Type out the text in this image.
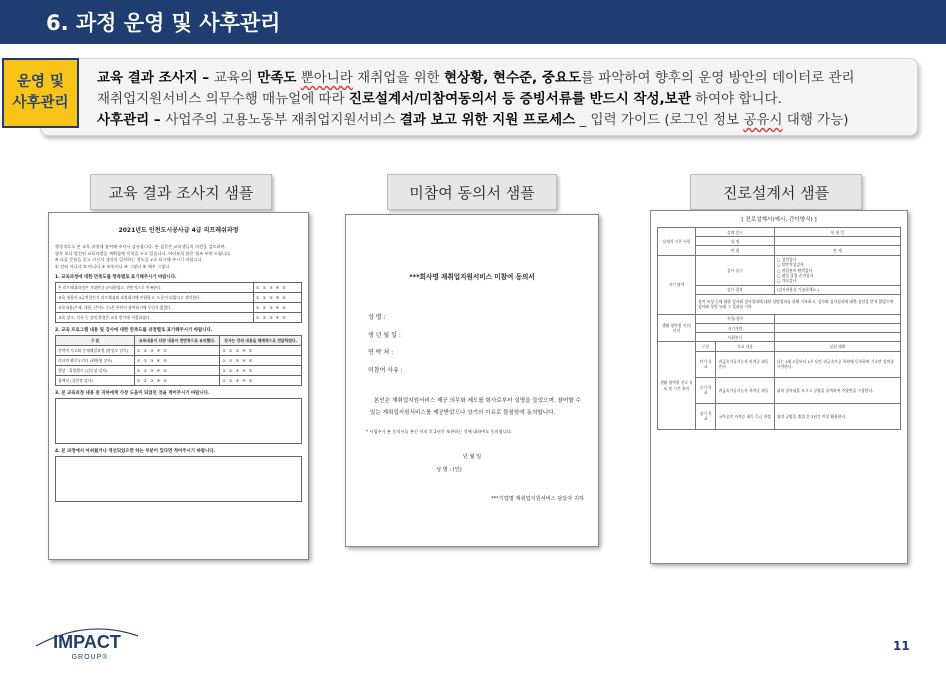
6. 과정 운영 및 사후관리
교육 결과 조사지 – 교육의 만족도 뿐아니라 재취업을 위한 현상황, 현수준, 중요도를 파악하여 향후의 운영 방안의 데이터로 관리
재취업지원서비스 의무수행 매뉴얼에 따라 진로설계서/미참여동의서 등 증빙서류를 반드시 작성,보관 하여야 합니다.
사후관리 – 사업주의 고용노동부 재취업지원서비스 결과 보고 위한 지원 프로세스 _ 입력 가이드 (로그인 정보 공유시 대행 가능)
운영 및
사후관리
교육 결과 조사지 샘플	미참여 동의서 샘플	진로설계서 샘플
2021년도 인천도시공사급 4급 리프레쉬과정
행정적으로 본 교육 과정에 참여해 주셔서 감사합니다. 본 설문은 교육생들의 의견을 검토하여,
향후 보다 발전된 교육과정을 계획함에 목적을 두고 있습니다. 여러분의 많은 협조 부탁 드립니다.
※ 다음 문항을 읽고 자신의 생각과 일치하는 정도를 ∨로 표시해 주시기 바랍니다.
① 전혀 아니다 ② 아니다 ③ 보통이다 ④ 그렇다 ⑤ 매우 그렇다
1. 교육과정에 대한 만족도를 항목별로 표기해주시기 바랍니다.
본 리프레쉬과정은 기대만큼 유익하였고, 전반적으로 만족한다.	① ② ③ ④ ⑤
교육 내용이 4급역할인식 리프레쉬와 과정취지에 부합하고, 도움이 되었다고 생각한다.	① ② ③ ④ ⑤
교육내용(주제, 내용, 난이도 등)은 본인이 참여하기에 무리가 없었다.	① ② ③ ④ ⑤
교육 장소, 식사 등 강의 환경은 교육 받기에 적절하였다.	① ② ③ ④ ⑤
2. 교육 프로그램 내용 및 강사에 대한 만족도를 과정별로 표기해주시기 바랍니다.
구 분	교육내용이 다양 내용이 전반적으로 유익했다.	강사는 강의 내용을 체계적으로 전달하였다.
전략적 사고와 문제해결과정 (방성모 강사)	① ② ③ ④ ⑤	① ② ③ ④ ⑤
리더의 팔로우리더 (최한영 강사)	① ② ③ ④ ⑤	① ② ③ ④ ⑤
행상 · 힐링캠프 (김동성 강사)	① ② ③ ④ ⑤	① ② ③ ④ ⑤
잡에티 (김민정 강사)	① ② ③ ④ ⑤	① ② ③ ④ ⑤
3. 본 교육과정 내용 중 귀하에게 가장 도움이 되었던 것을 적어주시기 바랍니다.
4. 본 과정에서 아쉬웠거나 개선되었으면 하는 부분이 있다면 적어주시기 바랍니다.
***회사명 재취업지원서비스 미참여 동의서
성 명 :
생 년 월 일 :
연 락 처 :
미참여 사유 :
본인은 재취업지원서비스 제공 의무화 제도를 회사로부터 설명을 들었으며, 참여할 수 있는 재취업지원서비스를 제공받았으나 상기의 이유로 불참함에 동의합니다.
* 사업주가 본 동의서를 본인 이직 후 2년간 보관하는 것에 대하여도 동의합니다.
년 월 일
성 명 : (인)
***기업명 재취업지원서비스 담당자 귀하
[ 진로설계서(예시, 간이양식) ]
설계자 기본 사항	설계 일시		년 월 일
	성 명		
	연 령		만 세
자기 탐색	검사 실시		□ 성격검사
□ 일반적성검사
□ 직업흥미 탐색검사
□ 취업 창업 준비검사
□ 기타검사

	검사 결과		(검사내용을 기술하세요.)
	성격 특성 등에 대한 검사와 검사결과에 대한 상담결과를 위해 기록하고, 검사와 검사결과에 대한 상담을 받지 않았으면 검사와 상담 유래 그 결과를 기록		
생활 영역별 미션/비전	직업/경력		
	자기개발		
	사회봉사		
생활 영역별 진로 목표 및 시간 관리	구분	목표 내용	실천 계획
	단기 목표	귀금속가공기능사 자격증 취득 준비	나는 4월 1일부터 1주 동안 귀금속가공 학원에 등록하여 기초반 강의를 시작한다.
	중기 목표	귀금속가공기능사 자격증 취득	위의 강사님을 모시고 공방을 물색하여 주말반을 수강한다.
	장기 목표	국가공인 자격증 취득 등급 향상	위의 공방을 졸업 후 2년간 이상 활용한다.
IMPACT
GROUP®
11
